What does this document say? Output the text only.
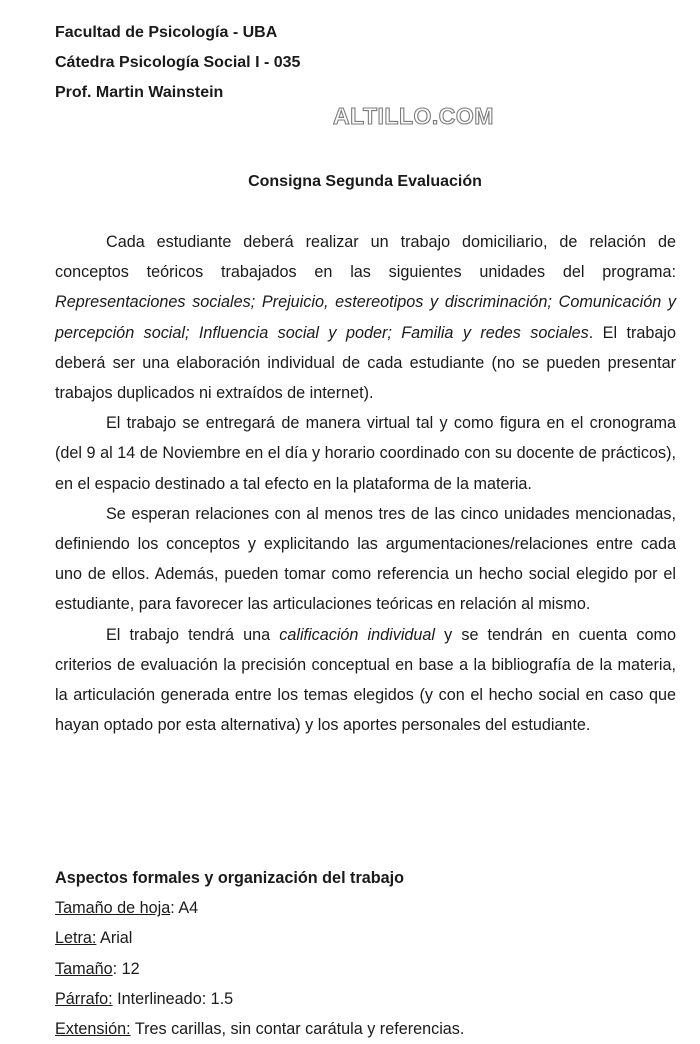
Facultad de Psicología - UBA
Cátedra Psicología Social I - 035
Prof. Martin Wainstein
ALTILLO.COM
Consigna Segunda Evaluación

Cada estudiante deberá realizar un trabajo domiciliario, de relación de conceptos teóricos trabajados en las siguientes unidades del programa: Representaciones sociales; Prejuicio, estereotipos y discriminación; Comunicación y percepción social; Influencia social y poder; Familia y redes sociales. El trabajo deberá ser una elaboración individual de cada estudiante (no se pueden presentar trabajos duplicados ni extraídos de internet).

El trabajo se entregará de manera virtual tal y como figura en el cronograma (del 9 al 14 de Noviembre en el día y horario coordinado con su docente de prácticos), en el espacio destinado a tal efecto en la plataforma de la materia.

Se esperan relaciones con al menos tres de las cinco unidades mencionadas, definiendo los conceptos y explicitando las argumentaciones/relaciones entre cada uno de ellos. Además, pueden tomar como referencia un hecho social elegido por el estudiante, para favorecer las articulaciones teóricas en relación al mismo.

El trabajo tendrá una calificación individual y se tendrán en cuenta como criterios de evaluación la precisión conceptual en base a la bibliografía de la materia, la articulación generada entre los temas elegidos (y con el hecho social en caso que hayan optado por esta alternativa) y los aportes personales del estudiante.

Aspectos formales y organización del trabajo
Tamaño de hoja: A4
Letra: Arial
Tamaño: 12
Párrafo: Interlineado: 1.5
Extensión: Tres carillas, sin contar carátula y referencias.
